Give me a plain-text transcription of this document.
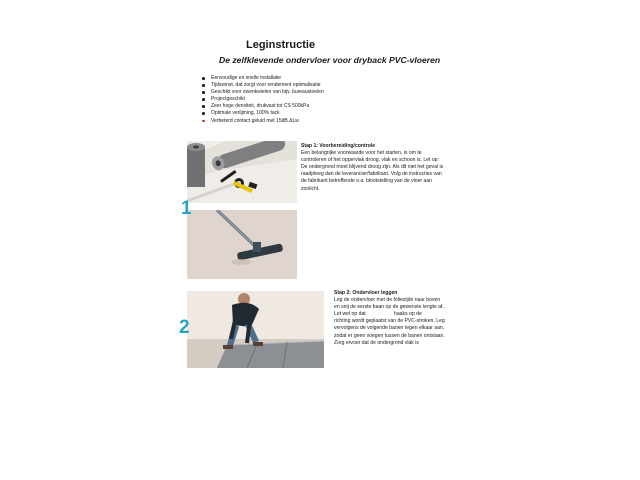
Leginstructie
De zelfklevende ondervloer voor dryback PVC-vloeren
Eenvoudige en snelle installatie
Tijdswinst, dat zorgt voor rendement optimalisatie
Geschikt voor zwenkwielen van bijv. bureaustoelen
Projectgeschikt
Zeer hoge densiteit, drukvast tot CS 500kPa
Optimale verlijming, 100% tack
Verbeterd contact geluid met 15dB ΔLw
1
2
Stap 1: Voorbereiding/controle

Een belangrijke voorwaarde voor het starten, is om te

controleren of het oppervlak droog, vlak en schoon is. Let op:

De ondergrond moet blijvend droog zijn. Als dit niet het geval is

raadpleeg dan de leverancier/fabrikant. Volg de instructies van

de fabrikant betreffende o.a. blootstelling van de vloer aan

zonlicht.

Stap 2: Ondervloer leggen

Leg de ondervloer met de foliezijde naar boven

en snij de eerste baan op de gewenste lengte af.

Let wel op dat                    haaks op de

richting wordt geplaatst van de PVC-stroken. Leg

vervolgens de volgende banen tegen elkaar aan,

zodat er geen voegen tussen de banen ontstaan.

Zorg ervoor dat de ondergrond vlak is
